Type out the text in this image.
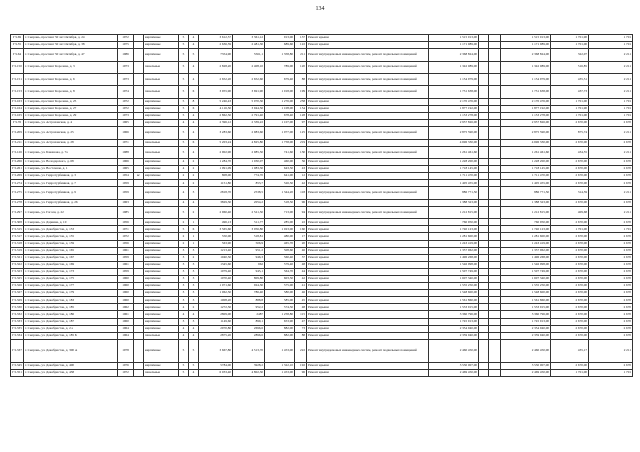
134
ГЗ-69	г. Сызрань, проспект 50 лет Октября, д. 24	1972		кирпичные	5	4	3 612,57	3 361,12	913,00	137	Ремонт крыши	1 515 013,00			1 515 013,00	1 701,90	1 701
ГЗ-55	г. Сызрань, проспект 50 лет Октября, д. 38	1975		кирпичные	5	4	2 636,59	2 481,30	689,60	122	Ремонт крыши	1 171 989,00			1 171 989,00	1 701,00	1 701
ГЗ-64	г. Сызрань, проспект 50 лет Октября, д. 47	1986		кирпичные	5	5	7354,90	5561,1	1 358,80	211	Ремонт внутридомовых инженерных систем, ремонт подвальных помещений	2 368 824,00			2 368 824,00	322,07	2 211
ГЗ-150	г. Сызрань, проспект Королева, д. 3	1973		панельные	5	4	2 828,20	2 408,10	789,00	120	Ремонт внутридомовых инженерных систем, ремонт подвальных помещений	1 342 089,00			1 342 089,00	516,85	2 211
ГЗ-151	г. Сызрань, проспект Королева, д. 6	1973		панельные	5	4	2 652,20	2 652,60	679,40	88	Ремонт внутридомовых инженерных систем, ремонт подвальных помещений	1 154 979,00			1 154 979,00	435,51	2 211
ГЗ-153	г. Сызрань, проспект Королева, д. 8	1974		панельные	5	6	3 955,90	3 691,90	1 018,00	199	Ремонт внутридомовых инженерных систем, ремонт подвальных помещений	1 731 638,00			1 731 638,00	437,73	2 211
ГЗ-163	г. Сызрань, проспект Королева, д. 25	1972		кирпичные	5	8	5 246,43	5 070,30	1 276,00	258	Ремонт крыши	2 170 476,00			2 170 476,00	1 701,00	1 701
ГЗ-164	г. Сызрань, проспект Королева, д. 27	1972		кирпичные	5	6	4 116,50	3 944,50	1 108,00	154	Ремонт крыши	1 877 192,00			1 877 192,00	1 701,90	1 701
ГЗ-165	г. Сызрань, проспект Королева, д. 29	1973		кирпичные	5	4	2 862,50	2 791,40	678,40	128	Ремонт крыши	1 153 278,00			1 153 278,00	1 701,00	1 701
ГЗ-76	г. Сызрань, ул. Астраханская, д. 4	1965		кирпичные	4	4	2 396,12	2 339,22	1 107,00	97	Ремонт крыши	2 957 826,00			2 957 826,00	2 670,00	2 670
ГЗ-209	г. Сызрань, ул. Астраханская, д. 25	1966		кирпичные	5	4	3 283,60	2 983,60	1 077,00	125	Ремонт внутридомовых инженерных систем, ремонт подвальных помещений	2 875 590,00			2 875 590,00	875,74	2 211
ГЗ-211	г. Сызрань, ул. Астраханская, д. 28	1971		панельные	5	6	5 203,24	4 825,80	1 758,00	219	Ремонт крыши	4 696 330,00			4 696 330,00	2 670,00	2 670
ГЗ-126	г. Сызрань, ул. Бажанова, д. 7а	1988		панельные	5	4	2 902,90	2 985,50	741,60	130	Ремонт внутридомовых инженерных систем, ремонт подвальных помещений	1 261 461,60			1 261 461,60	434,55	2 211
ГЗ-266	г. Сызрань, ул. Володарского, д. 68	1966		кирпичные	4	2	1 284,70	1 030,07	460,00	56	Ремонт крыши	1 228 200,00			1 228 200,00	2 670,00	2 670
ГЗ-261	г. Сызрань, ул. Восточная, д. 1	1965		кирпичные	4	2	1 091,09	1 083,30	643,50	43	Ремонт крыши	1 718 145,00			1 718 145,00	2 670,00	2 670
ГЗ-269	г. Сызрань, ул. Гидротурбинная, д. 3	1954	вс	кирпичные	2	2	808,00	774,70	641,00	12	Ремонт крыши	1 711 470,00			1 711 470,00	2 670,00	2 670
ГЗ-274	г. Сызрань, ул. Гидротурбинная, д. 7	1959		кирпичные	4	2	1151,80	853,7	526,50	42	Ремонт крыши	1 405 455,00			1 405 455,00	2 670,00	2 670
ГЗ-275	г. Сызрань, ул. Гидротурбинная, д. 9	1959		кирпичные	4	3	2818,70	2538,5	1 344,20	118	Ремонт внутридомовых инженерных систем, ремонт подвальных помещений	886 771,50			886 771,50	314,59	2 211
ГЗ-278	г. Сызрань, ул. Гидротурбинная, д. 26	1963		кирпичные	4	4	3829,30	2054,2	518,50	96	Ремонт крыши	1 388 323,00			1 388 323,00	2 670,00	2 670
ГЗ-297	г. Сызрань, ул. Гоголя, д. 22	1985		кирпичные	5	2	2 960,40	2 521,50	713,00	94	Ремонт внутридомовых инженерных систем, ремонт подвальных помещений	1 212 815,00			1 212 815,00	409,68	2 211
ГЗ-308	г. Сызрань, ул. Дарвина, д. 10	1956		кирпичные	2	1	496,13	511,77	285,00	22	Ремонт крыши	760 950,00			760 950,00	2 670,00	2 670
ГЗ-315	г. Сызрань, ул. Декабристов, д. 153	1971		кирпичные	5	6	3 565,60	3 056,80	1 023,00	160	Ремонт крыши	1 740 123,00			1 740 123,00	1 701,00	1 701
ГЗ-317	г. Сызрань, ул. Декабристов, д. 155	1972		кирпичные	2	1	550,00	518,81	480,00	17	Ремонт крыши	1 281 600,00			1 281 600,00	2 670,00	2 670
ГЗ-318	г. Сызрань, ул. Декабристов, д. 159	1956		кирпичные	2	1	563,90	506,9	465,70	20	Ремонт крыши	1 243 419,00			1 243 419,00	2 670,00	2 670
ГЗ-319	г. Сызрань, ул. Декабристов, д. 165	1961		кирпичные	3	3	1213,40	951,2	508,60	46	Ремонт крыши	1 357 962,00			1 357 962,00	2 670,00	2 670
ГЗ-321	г. Сызрань, ул. Декабристов, д. 167	1959		кирпичные	3	2	1040,50	946,3	560,40	37	Ремонт крыши	1 496 268,00			1 496 268,00	2 670,00	2 670
ГЗ-322	г. Сызрань, ул. Декабристов, д. 169	1961		кирпичные	3	3	1345,60	962	579,40	48	Ремонт крыши	1 546 998,00			1 546 998,00	2 670,00	2 670
ГЗ-323	г. Сызрань, ул. Декабристов, д. 173	1959		кирпичные	3	3	1079,40	945,1	564,70	44	Ремонт крыши	1 507 749,00			1 507 749,00	2 670,00	2 670
ГЗ-325	г. Сызрань, ул. Декабристов, д. 175	1960		кирпичные	3	3	1070,40	809,80	603,50	42	Ремонт крыши	1 607 340,00			1 607 340,00	2 670,00	2 670
ГЗ-326	г. Сызрань, ул. Декабристов, д. 177	1960		кирпичные	3	3	1 071,60	924,30	575,00	41	Ремонт крыши	1 535 250,00			1 535 250,00	2 670,00	2 670
ГЗ-327	г. Сызрань, ул. Декабристов, д. 179	1960		кирпичные	3	3	1 062,50	786,40	580,00	46	Ремонт крыши	1 548 600,00			1 548 600,00	2 670,00	2 670
ГЗ-329	г. Сызрань, ул. Декабристов, д. 183	1960		кирпичные	3	3	1008,20	888,8	585,00	45	Ремонт крыши	1 561 860,00			1 561 860,00	2 670,00	2 670
ГЗ-330	г. Сызрань, ул. Декабристов, д. 185	1962		кирпичные	4	2	1272,50	952,2	574,50	48	Ремонт крыши	1 533 915,00			1 533 915,00	2 670,00	2 670
ГЗ-332	г. Сызрань, ул. Декабристов, д. 186	1961		кирпичные	4	4	2809,00	2487	1 258,80	115	Ремонт крыши	3 360 796,00			3 360 796,00	2 670,00	2 670
ГЗ-333	г. Сызрань, ул. Декабристов, д. 187	1960		кирпичные	3	3	1149,60	899,1	653,90	47	Ремонт крыши	1 745 913,00			1 745 913,00	2 670,00	2 670
ГЗ-335	г. Сызрань, ул. Декабристов, д. 2 а	1964		кирпичные	4	4	2970,80	2696,6	882,00	73	Ремонт крыши	2 354 940,00			2 354 940,00	2 670,00	2 670
ГЗ-334	г. Сызрань, ул. Декабристов, д. 185 Б	1964		панельные	4	4	2875,20	2896,6	882,00	88	Ремонт крыши	2 359 940,00			2 359 940,00	2 670,00	2 670
ГЗ-337	г. Сызрань, ул. Декабристов, д. 300 А	1978		кирпичные	5	5	3 667,80	4 513,70	1 453,00	222	Ремонт внутридомовых инженерных систем, ремонт подвальных помещений	2 460 450,00			2 460 450,00	435,17	2 211
ГЗ-345	г. Сызрань, ул. Декабристов, д. 400	1976		кирпичные	5	5	5784,00	3928,2	1 322,10	192	Ремонт крыши	3 530 007,00			3 530 007,00	2 670,00	2 670
ГЗ-351	г. Сызрань, ул. Декабристов, д. 438	1972		панельные	5	4	6 033,40	4 802,30	1 453,00	96	Ремонт крыши	2 469 450,00			2 469 450,00	1 701,00	1 701
